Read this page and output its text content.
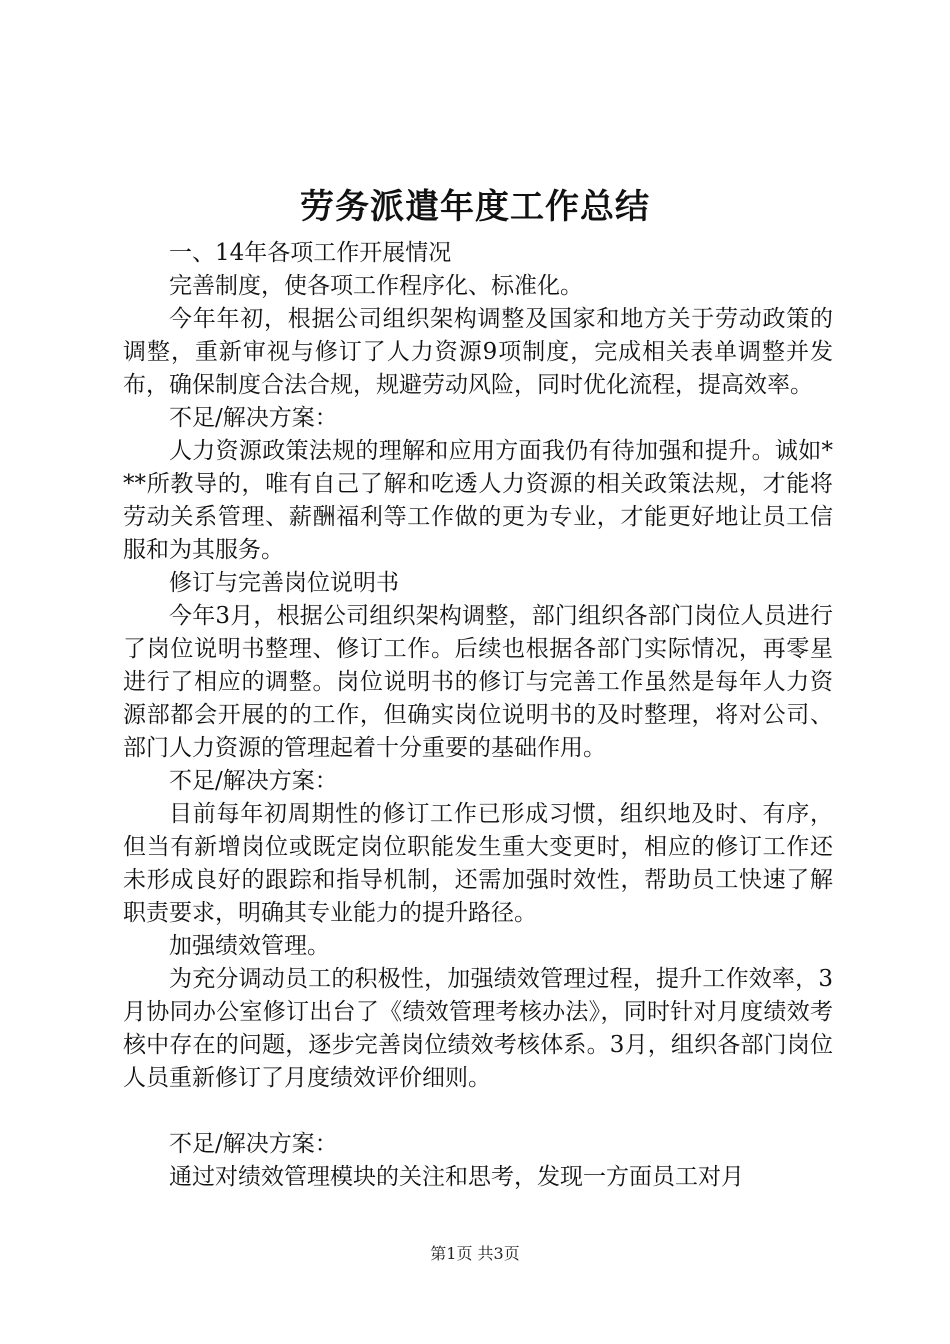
劳务派遣年度工作总结

一、14年各项工作开展情况

完善制度，使各项工作程序化、标准化。

今年年初，根据公司组织架构调整及国家和地方关于劳动政策的调整，重新审视与修订了人力资源9项制度，完成相关表单调整并发布，确保制度合法合规，规避劳动风险，同时优化流程，提高效率。

不足/解决方案：

人力资源政策法规的理解和应用方面我仍有待加强和提升。诚如***所教导的，唯有自己了解和吃透人力资源的相关政策法规，才能将劳动关系管理、薪酬福利等工作做的更为专业，才能更好地让员工信服和为其服务。

修订与完善岗位说明书

今年3月，根据公司组织架构调整，部门组织各部门岗位人员进行了岗位说明书整理、修订工作。后续也根据各部门实际情况，再零星进行了相应的调整。岗位说明书的修订与完善工作虽然是每年人力资源部都会开展的的工作，但确实岗位说明书的及时整理，将对公司、部门人力资源的管理起着十分重要的基础作用。

不足/解决方案：

目前每年初周期性的修订工作已形成习惯，组织地及时、有序，但当有新增岗位或既定岗位职能发生重大变更时，相应的修订工作还未形成良好的跟踪和指导机制，还需加强时效性，帮助员工快速了解职责要求，明确其专业能力的提升路径。

加强绩效管理。

为充分调动员工的积极性，加强绩效管理过程，提升工作效率，3月协同办公室修订出台了《绩效管理考核办法》，同时针对月度绩效考核中存在的问题，逐步完善岗位绩效考核体系。3月，组织各部门岗位人员重新修订了月度绩效评价细则。

不足/解决方案：

通过对绩效管理模块的关注和思考，发现一方面员工对月

第1页 共3页
